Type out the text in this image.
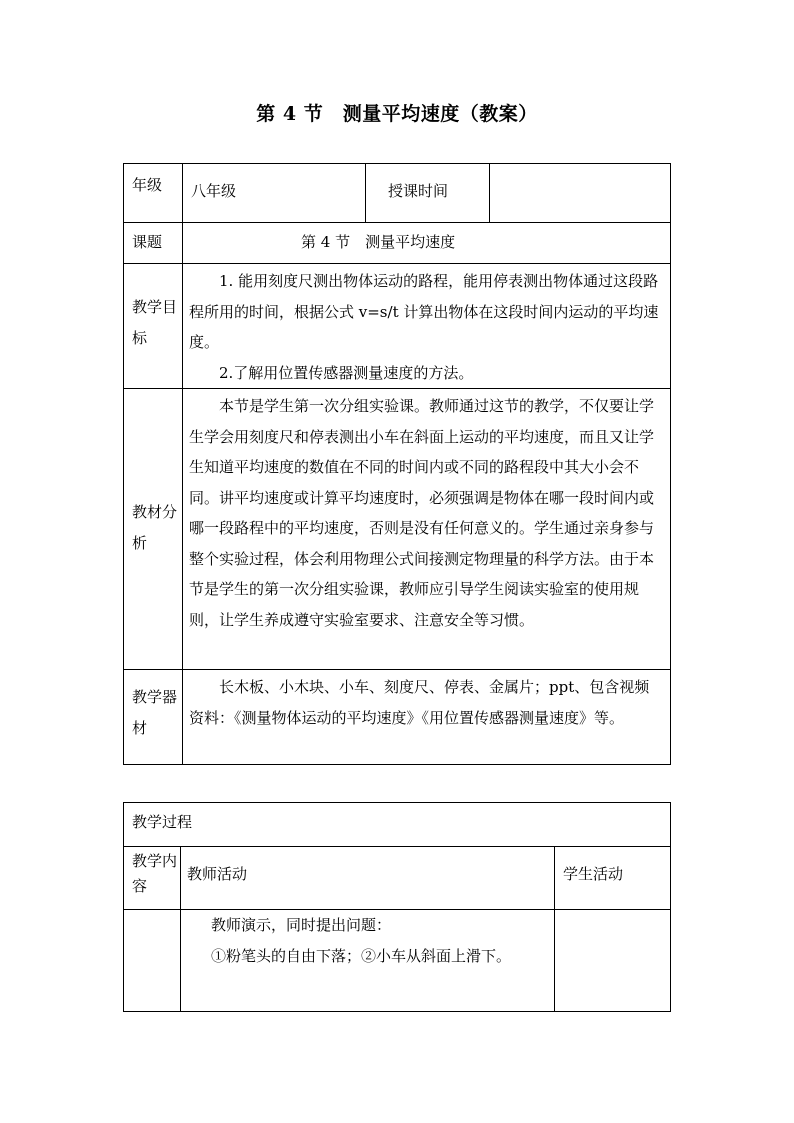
第 4 节　测量平均速度（教案）
年级	八年级	授课时间	
课题	第 4 节　测量平均速度		
教学目标	1. 能用刻度尺测出物体运动的路程，能用停表测出物体通过这段路程所用的时间，根据公式 v=s/t 计算出物体在这段时间内运动的平均速度。

2.了解用位置传感器测量速度的方法。		

教材分析	本节是学生第一次分组实验课。教师通过这节的教学，不仅要让学生学会用刻度尺和停表测出小车在斜面上运动的平均速度，而且又让学生知道平均速度的数值在不同的时间内或不同的路程段中其大小会不同。讲平均速度或计算平均速度时，必须强调是物体在哪一段时间内或哪一段路程中的平均速度，否则是没有任何意义的。学生通过亲身参与整个实验过程，体会利用物理公式间接测定物理量的科学方法。由于本节是学生的第一次分组实验课，教师应引导学生阅读实验室的使用规则，让学生养成遵守实验室要求、注意安全等习惯。		

教学器材	长木板、小木块、小车、刻度尺、停表、金属片；ppt、包含视频资料：《测量物体运动的平均速度》《用位置传感器测量速度》等。		

教学过程		
教学内容	教师活动	学生活动

	教师演示，同时提出问题：

①粉笔头的自由下落；②小车从斜面上滑下。	
